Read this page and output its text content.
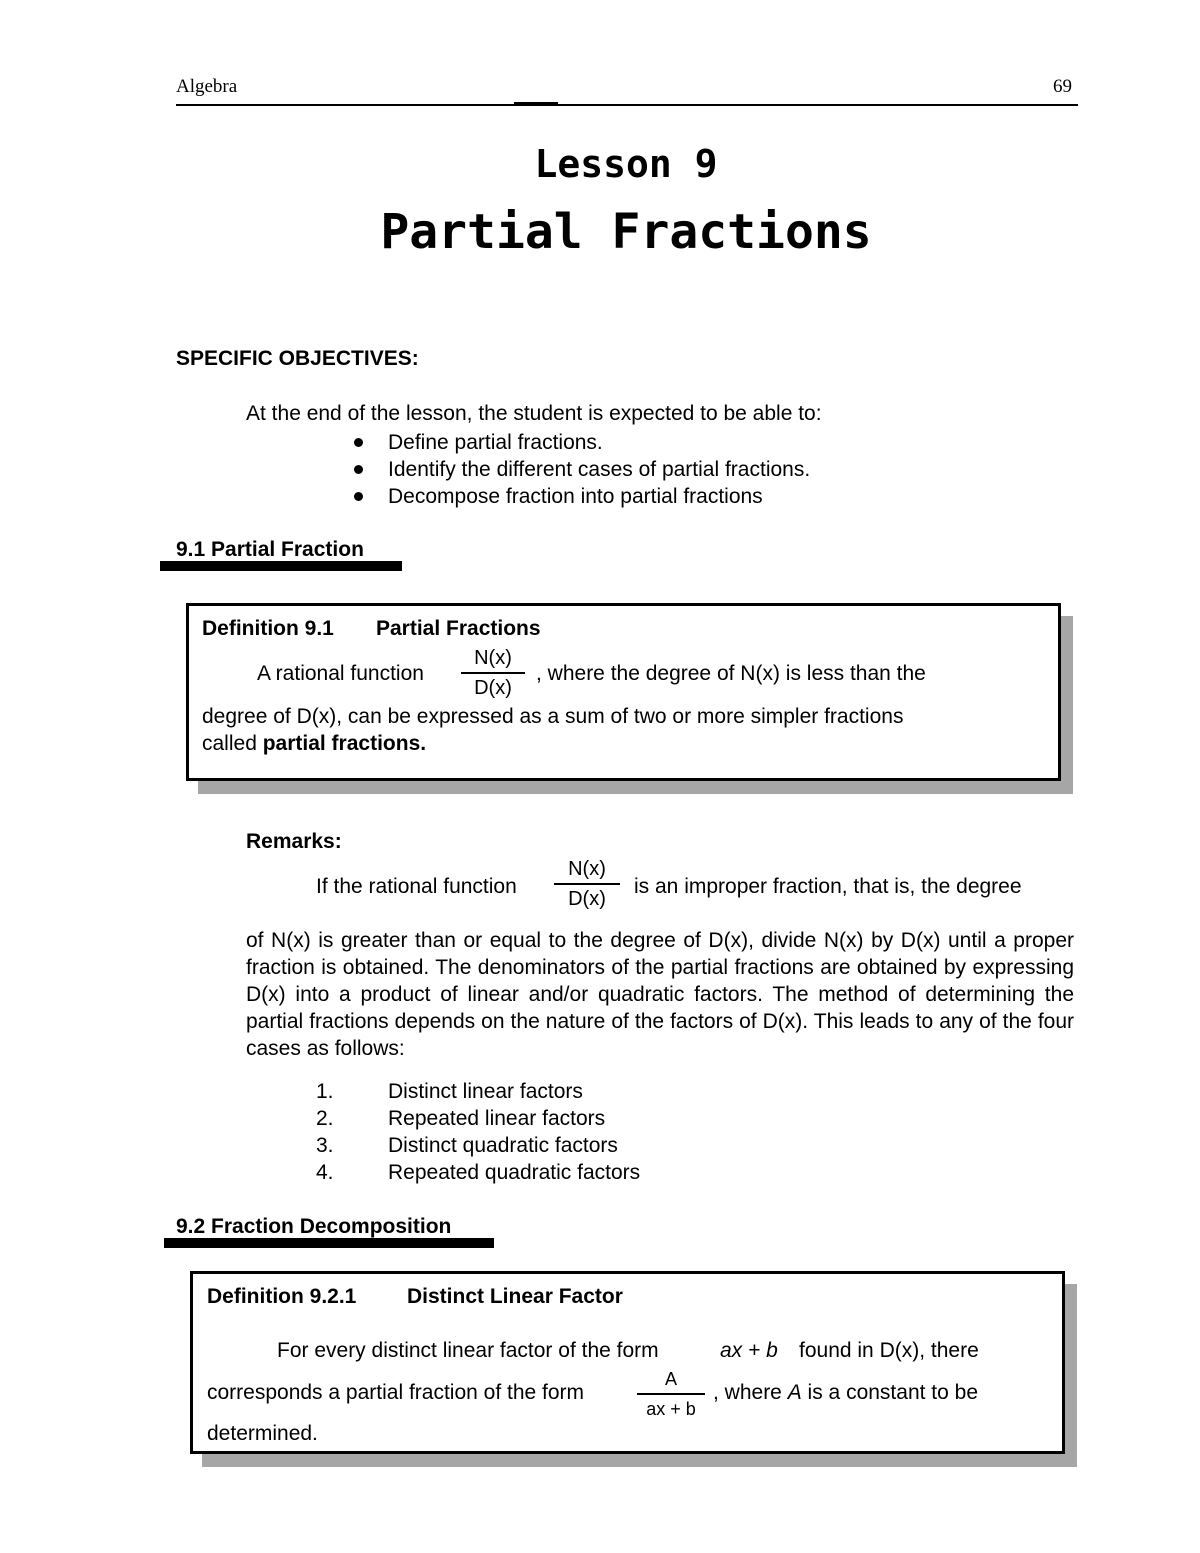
Algebra	69
Lesson 9
Partial Fractions
SPECIFIC OBJECTIVES:
At the end of the lesson, the student is expected to be able to:
Define partial fractions.
Identify the different cases of partial fractions.
Decompose fraction into partial fractions
9.1 Partial Fraction
Definition 9.1 Partial Fractions
A rational function
N(x)
D(x)
, where the degree of N(x) is less than the
degree of D(x), can be expressed as a sum of two or more simpler fractions
called partial fractions.
Remarks:
If the rational function
N(x)
D(x)
is an improper fraction, that is, the degree
of N(x) is greater than or equal to the degree of D(x), divide N(x) by D(x) until a proper fraction is obtained. The denominators of the partial fractions are obtained by expressing D(x) into a product of linear and/or quadratic factors. The method of determining the partial fractions depends on the nature of the factors of D(x). This leads to any of the four cases as follows:
1.	Distinct linear factors
2.	Repeated linear factors
3.	Distinct quadratic factors
4.	Repeated quadratic factors
9.2 Fraction Decomposition
Definition 9.2.1 Distinct Linear Factor
For every distinct linear factor of the form	ax + b found in D(x), there
corresponds a partial fraction of the form
A
ax + b
, where A is a constant to be
determined.
